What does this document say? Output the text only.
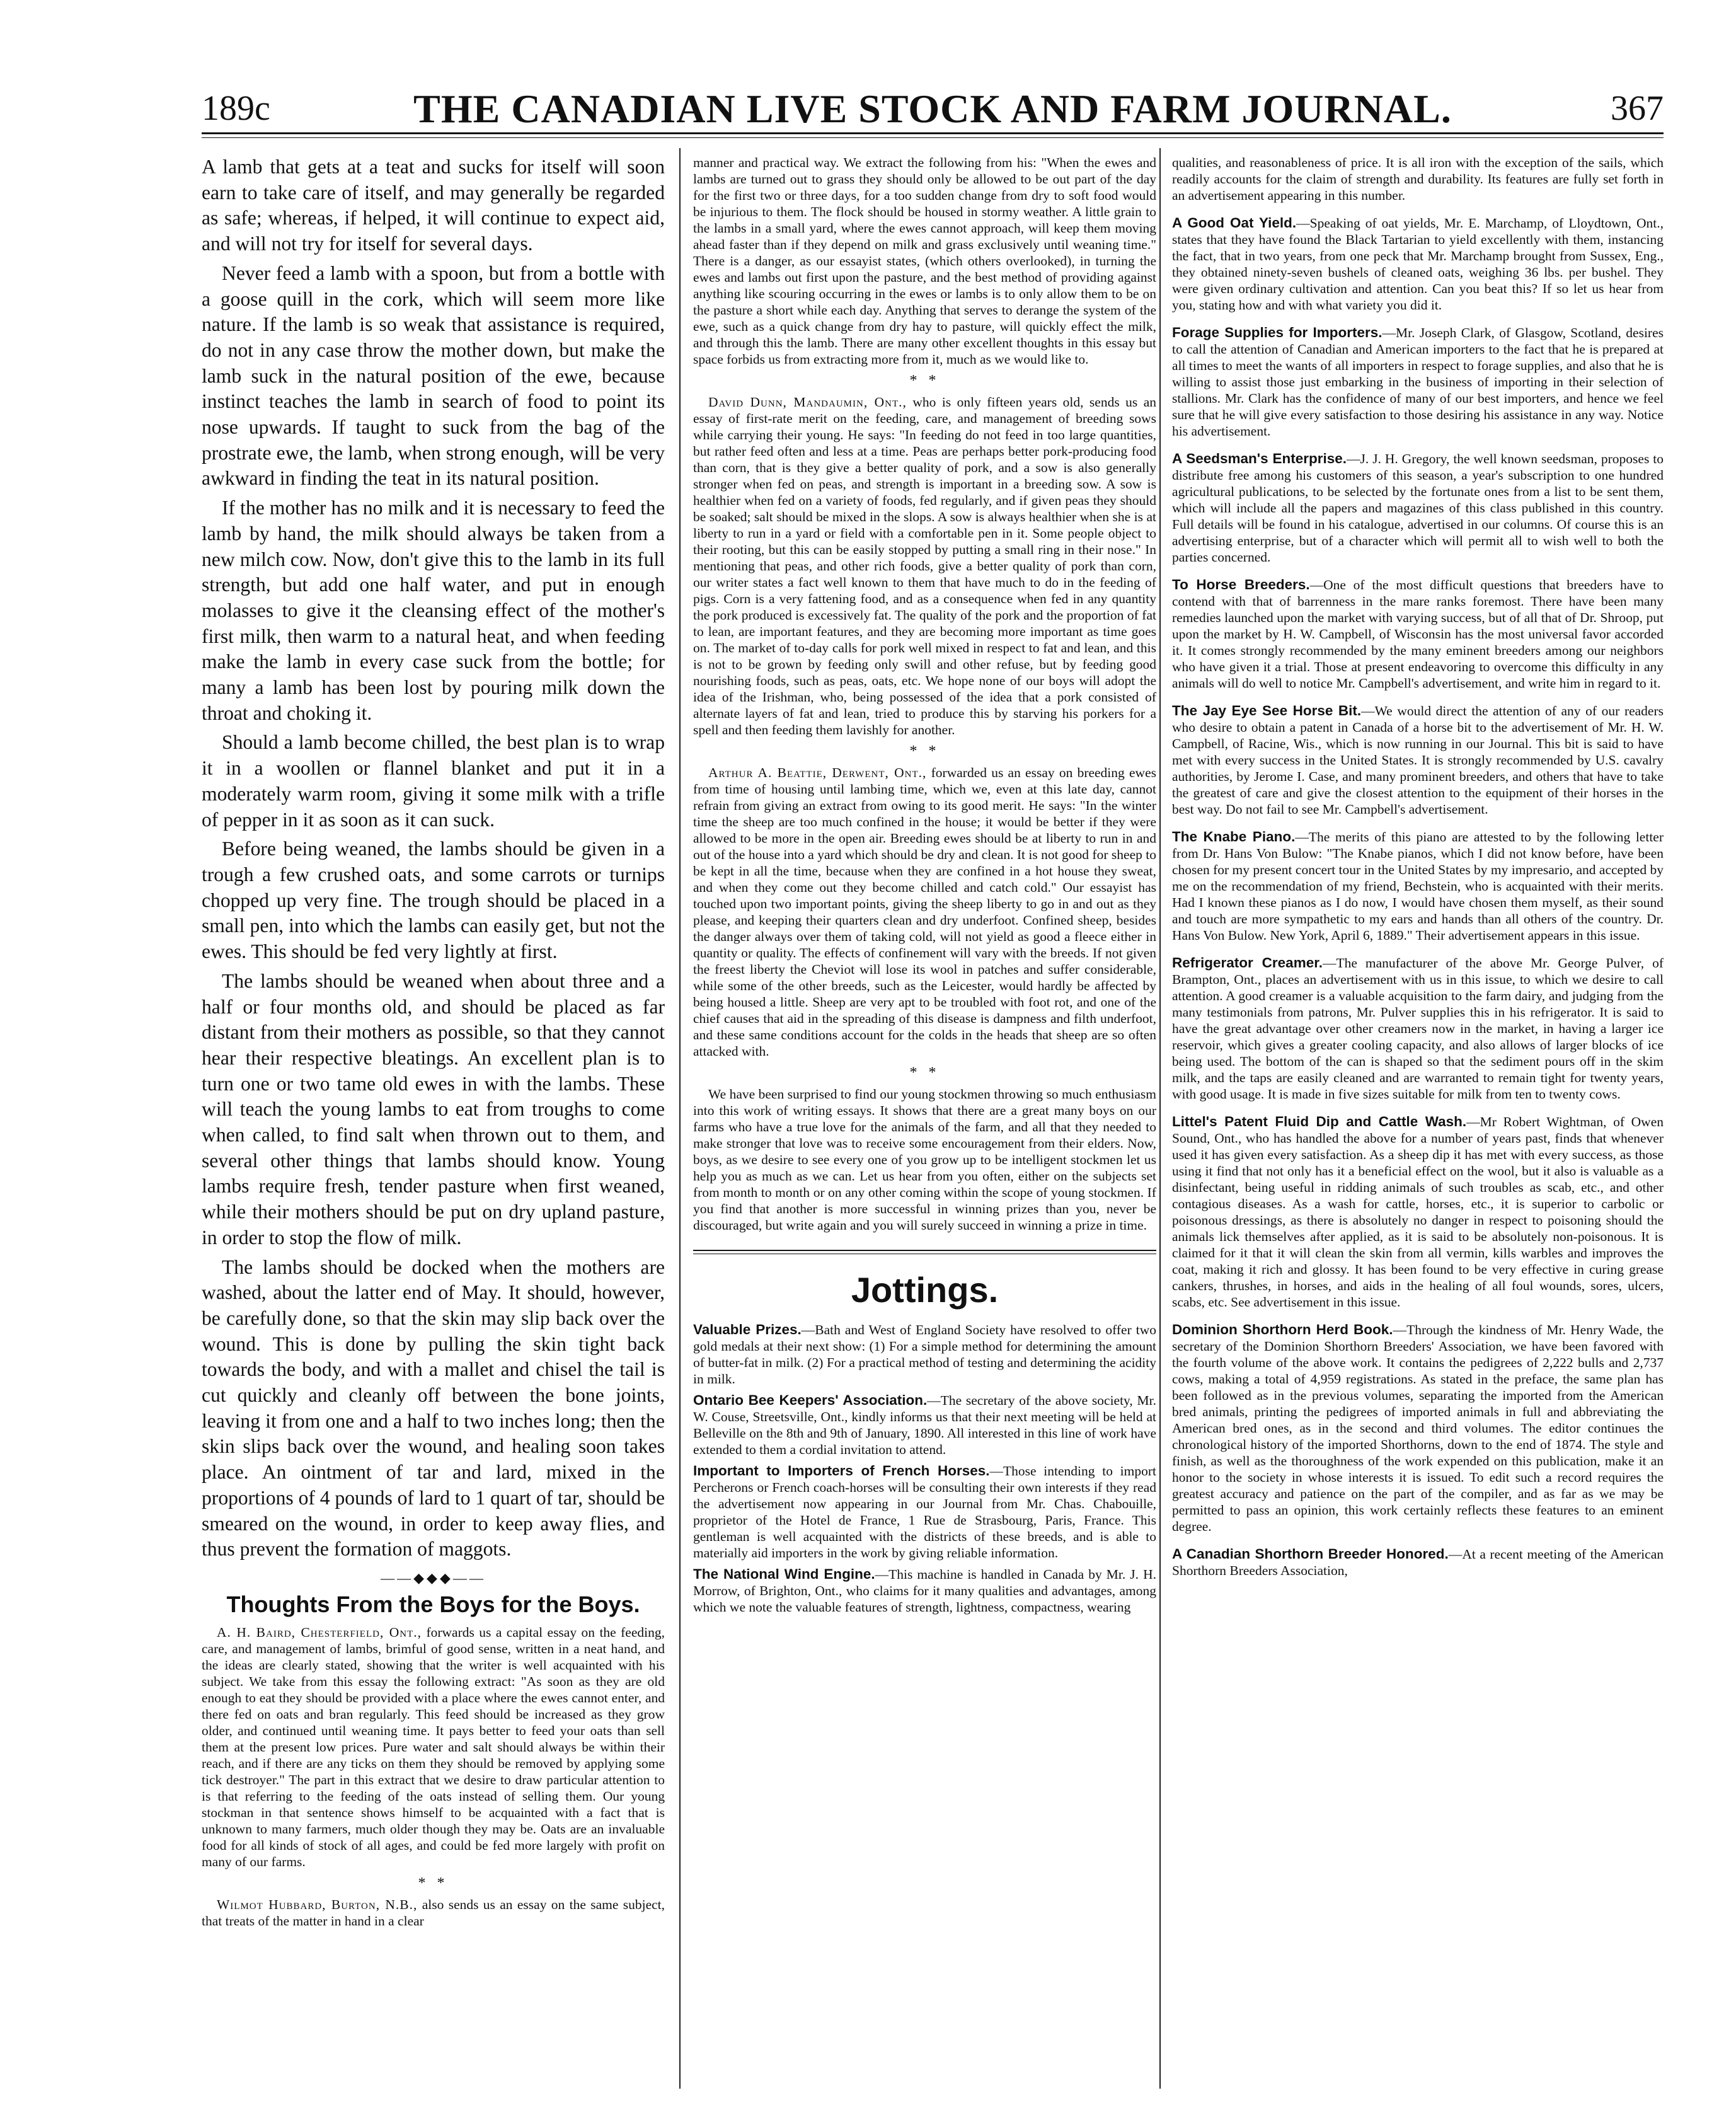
189c	THE CANADIAN LIVE STOCK AND FARM JOURNAL.	367

A lamb that gets at a teat and sucks for itself will soon earn to take care of itself, and may generally be regarded as safe; whereas, if helped, it will continue to expect aid, and will not try for itself for several days.

Never feed a lamb with a spoon, but from a bottle with a goose quill in the cork, which will seem more like nature. If the lamb is so weak that assistance is required, do not in any case throw the mother down, but make the lamb suck in the natural position of the ewe, because instinct teaches the lamb in search of food to point its nose upwards. If taught to suck from the bag of the prostrate ewe, the lamb, when strong enough, will be very awkward in finding the teat in its natural position.

If the mother has no milk and it is necessary to feed the lamb by hand, the milk should always be taken from a new milch cow. Now, don't give this to the lamb in its full strength, but add one half water, and put in enough molasses to give it the cleansing effect of the mother's first milk, then warm to a natural heat, and when feeding make the lamb in every case suck from the bottle; for many a lamb has been lost by pouring milk down the throat and choking it.

Should a lamb become chilled, the best plan is to wrap it in a woollen or flannel blanket and put it in a moderately warm room, giving it some milk with a trifle of pepper in it as soon as it can suck.

Before being weaned, the lambs should be given in a trough a few crushed oats, and some carrots or turnips chopped up very fine. The trough should be placed in a small pen, into which the lambs can easily get, but not the ewes. This should be fed very lightly at first.

The lambs should be weaned when about three and a half or four months old, and should be placed as far distant from their mothers as possible, so that they cannot hear their respective bleatings. An excellent plan is to turn one or two tame old ewes in with the lambs. These will teach the young lambs to eat from troughs to come when called, to find salt when thrown out to them, and several other things that lambs should know. Young lambs require fresh, tender pasture when first weaned, while their mothers should be put on dry upland pasture, in order to stop the flow of milk.

The lambs should be docked when the mothers are washed, about the latter end of May. It should, however, be carefully done, so that the skin may slip back over the wound. This is done by pulling the skin tight back towards the body, and with a mallet and chisel the tail is cut quickly and cleanly off between the bone joints, leaving it from one and a half to two inches long; then the skin slips back over the wound, and healing soon takes place. An ointment of tar and lard, mixed in the proportions of 4 pounds of lard to 1 quart of tar, should be smeared on the wound, in order to keep away flies, and thus prevent the formation of maggots.

——◆◆◆——
Thoughts From the Boys for the Boys.

A. H. Baird, Chesterfield, Ont., forwards us a capital essay on the feeding, care, and management of lambs, brimful of good sense, written in a neat hand, and the ideas are clearly stated, showing that the writer is well acquainted with his subject. We take from this essay the following extract: "As soon as they are old enough to eat they should be provided with a place where the ewes cannot enter, and there fed on oats and bran regularly. This feed should be increased as they grow older, and continued until weaning time. It pays better to feed your oats than sell them at the present low prices. Pure water and salt should always be within their reach, and if there are any ticks on them they should be removed by applying some tick destroyer." The part in this extract that we desire to draw particular attention to is that referring to the feeding of the oats instead of selling them. Our young stockman in that sentence shows himself to be acquainted with a fact that is unknown to many farmers, much older though they may be. Oats are an invaluable food for all kinds of stock of all ages, and could be fed more largely with profit on many of our farms.

* *

Wilmot Hubbard, Burton, N.B., also sends us an essay on the same subject, that treats of the matter in hand in a clear

manner and practical way. We extract the following from his: "When the ewes and lambs are turned out to grass they should only be allowed to be out part of the day for the first two or three days, for a too sudden change from dry to soft food would be injurious to them. The flock should be housed in stormy weather. A little grain to the lambs in a small yard, where the ewes cannot approach, will keep them moving ahead faster than if they depend on milk and grass exclusively until weaning time." There is a danger, as our essayist states, (which others overlooked), in turning the ewes and lambs out first upon the pasture, and the best method of providing against anything like scouring occurring in the ewes or lambs is to only allow them to be on the pasture a short while each day. Anything that serves to derange the system of the ewe, such as a quick change from dry hay to pasture, will quickly effect the milk, and through this the lamb. There are many other excellent thoughts in this essay but space forbids us from extracting more from it, much as we would like to.

* *

David Dunn, Mandaumin, Ont., who is only fifteen years old, sends us an essay of first-rate merit on the feeding, care, and management of breeding sows while carrying their young. He says: "In feeding do not feed in too large quantities, but rather feed often and less at a time. Peas are perhaps better pork-producing food than corn, that is they give a better quality of pork, and a sow is also generally stronger when fed on peas, and strength is important in a breeding sow. A sow is healthier when fed on a variety of foods, fed regularly, and if given peas they should be soaked; salt should be mixed in the slops. A sow is always healthier when she is at liberty to run in a yard or field with a comfortable pen in it. Some people object to their rooting, but this can be easily stopped by putting a small ring in their nose." In mentioning that peas, and other rich foods, give a better quality of pork than corn, our writer states a fact well known to them that have much to do in the feeding of pigs. Corn is a very fattening food, and as a consequence when fed in any quantity the pork produced is excessively fat. The quality of the pork and the proportion of fat to lean, are important features, and they are becoming more important as time goes on. The market of to-day calls for pork well mixed in respect to fat and lean, and this is not to be grown by feeding only swill and other refuse, but by feeding good nourishing foods, such as peas, oats, etc. We hope none of our boys will adopt the idea of the Irishman, who, being possessed of the idea that a pork consisted of alternate layers of fat and lean, tried to produce this by starving his porkers for a spell and then feeding them lavishly for another.

* *

Arthur A. Beattie, Derwent, Ont., forwarded us an essay on breeding ewes from time of housing until lambing time, which we, even at this late day, cannot refrain from giving an extract from owing to its good merit. He says: "In the winter time the sheep are too much confined in the house; it would be better if they were allowed to be more in the open air. Breeding ewes should be at liberty to run in and out of the house into a yard which should be dry and clean. It is not good for sheep to be kept in all the time, because when they are confined in a hot house they sweat, and when they come out they become chilled and catch cold." Our essayist has touched upon two important points, giving the sheep liberty to go in and out as they please, and keeping their quarters clean and dry underfoot. Confined sheep, besides the danger always over them of taking cold, will not yield as good a fleece either in quantity or quality. The effects of confinement will vary with the breeds. If not given the freest liberty the Cheviot will lose its wool in patches and suffer considerable, while some of the other breeds, such as the Leicester, would hardly be affected by being housed a little. Sheep are very apt to be troubled with foot rot, and one of the chief causes that aid in the spreading of this disease is dampness and filth underfoot, and these same conditions account for the colds in the heads that sheep are so often attacked with.

* *

We have been surprised to find our young stockmen throwing so much enthusiasm into this work of writing essays. It shows that there are a great many boys on our farms who have a true love for the animals of the farm, and all that they needed to make stronger that love was to receive some encouragement from their elders. Now, boys, as we desire to see every one of you grow up to be intelligent stockmen let us help you as much as we can. Let us hear from you often, either on the subjects set from month to month or on any other coming within the scope of young stockmen. If you find that another is more successful in winning prizes than you, never be discouraged, but write again and you will surely succeed in winning a prize in time.

Jottings.

Valuable Prizes.—Bath and West of England Society have resolved to offer two gold medals at their next show: (1) For a simple method for determining the amount of butter-fat in milk. (2) For a practical method of testing and determining the acidity in milk.

Ontario Bee Keepers' Association.—The secretary of the above society, Mr. W. Couse, Streetsville, Ont., kindly informs us that their next meeting will be held at Belleville on the 8th and 9th of January, 1890. All interested in this line of work have extended to them a cordial invitation to attend.

Important to Importers of French Horses.—Those intending to import Percherons or French coach-horses will be consulting their own interests if they read the advertisement now appearing in our Journal from Mr. Chas. Chabouille, proprietor of the Hotel de France, 1 Rue de Strasbourg, Paris, France. This gentleman is well acquainted with the districts of these breeds, and is able to materially aid importers in the work by giving reliable information.

The National Wind Engine.—This machine is handled in Canada by Mr. J. H. Morrow, of Brighton, Ont., who claims for it many qualities and advantages, among which we note the valuable features of strength, lightness, compactness, wearing

qualities, and reasonableness of price. It is all iron with the exception of the sails, which readily accounts for the claim of strength and durability. Its features are fully set forth in an advertisement appearing in this number.

A Good Oat Yield.—Speaking of oat yields, Mr. E. Marchamp, of Lloydtown, Ont., states that they have found the Black Tartarian to yield excellently with them, instancing the fact, that in two years, from one peck that Mr. Marchamp brought from Sussex, Eng., they obtained ninety-seven bushels of cleaned oats, weighing 36 lbs. per bushel. They were given ordinary cultivation and attention. Can you beat this? If so let us hear from you, stating how and with what variety you did it.

Forage Supplies for Importers.—Mr. Joseph Clark, of Glasgow, Scotland, desires to call the attention of Canadian and American importers to the fact that he is prepared at all times to meet the wants of all importers in respect to forage supplies, and also that he is willing to assist those just embarking in the business of importing in their selection of stallions. Mr. Clark has the confidence of many of our best importers, and hence we feel sure that he will give every satisfaction to those desiring his assistance in any way. Notice his advertisement.

A Seedsman's Enterprise.—J. J. H. Gregory, the well known seedsman, proposes to distribute free among his customers of this season, a year's subscription to one hundred agricultural publications, to be selected by the fortunate ones from a list to be sent them, which will include all the papers and magazines of this class published in this country. Full details will be found in his catalogue, advertised in our columns. Of course this is an advertising enterprise, but of a character which will permit all to wish well to both the parties concerned.

To Horse Breeders.—One of the most difficult questions that breeders have to contend with that of barrenness in the mare ranks foremost. There have been many remedies launched upon the market with varying success, but of all that of Dr. Shroop, put upon the market by H. W. Campbell, of Wisconsin has the most universal favor accorded it. It comes strongly recommended by the many eminent breeders among our neighbors who have given it a trial. Those at present endeavoring to overcome this difficulty in any animals will do well to notice Mr. Campbell's advertisement, and write him in regard to it.

The Jay Eye See Horse Bit.—We would direct the attention of any of our readers who desire to obtain a patent in Canada of a horse bit to the advertisement of Mr. H. W. Campbell, of Racine, Wis., which is now running in our Journal. This bit is said to have met with every success in the United States. It is strongly recommended by U.S. cavalry authorities, by Jerome I. Case, and many prominent breeders, and others that have to take the greatest of care and give the closest attention to the equipment of their horses in the best way. Do not fail to see Mr. Campbell's advertisement.

The Knabe Piano.—The merits of this piano are attested to by the following letter from Dr. Hans Von Bulow: "The Knabe pianos, which I did not know before, have been chosen for my present concert tour in the United States by my impresario, and accepted by me on the recommendation of my friend, Bechstein, who is acquainted with their merits. Had I known these pianos as I do now, I would have chosen them myself, as their sound and touch are more sympathetic to my ears and hands than all others of the country. Dr. Hans Von Bulow. New York, April 6, 1889." Their advertisement appears in this issue.

Refrigerator Creamer.—The manufacturer of the above Mr. George Pulver, of Brampton, Ont., places an advertisement with us in this issue, to which we desire to call attention. A good creamer is a valuable acquisition to the farm dairy, and judging from the many testimonials from patrons, Mr. Pulver supplies this in his refrigerator. It is said to have the great advantage over other creamers now in the market, in having a larger ice reservoir, which gives a greater cooling capacity, and also allows of larger blocks of ice being used. The bottom of the can is shaped so that the sediment pours off in the skim milk, and the taps are easily cleaned and are warranted to remain tight for twenty years, with good usage. It is made in five sizes suitable for milk from ten to twenty cows.

Littel's Patent Fluid Dip and Cattle Wash.—Mr Robert Wightman, of Owen Sound, Ont., who has handled the above for a number of years past, finds that whenever used it has given every satisfaction. As a sheep dip it has met with every success, as those using it find that not only has it a beneficial effect on the wool, but it also is valuable as a disinfectant, being useful in ridding animals of such troubles as scab, etc., and other contagious diseases. As a wash for cattle, horses, etc., it is superior to carbolic or poisonous dressings, as there is absolutely no danger in respect to poisoning should the animals lick themselves after applied, as it is said to be absolutely non-poisonous. It is claimed for it that it will clean the skin from all vermin, kills warbles and improves the coat, making it rich and glossy. It has been found to be very effective in curing grease cankers, thrushes, in horses, and aids in the healing of all foul wounds, sores, ulcers, scabs, etc. See advertisement in this issue.

Dominion Shorthorn Herd Book.—Through the kindness of Mr. Henry Wade, the secretary of the Dominion Shorthorn Breeders' Association, we have been favored with the fourth volume of the above work. It contains the pedigrees of 2,222 bulls and 2,737 cows, making a total of 4,959 registrations. As stated in the preface, the same plan has been followed as in the previous volumes, separating the imported from the American bred animals, printing the pedigrees of imported animals in full and abbreviating the American bred ones, as in the second and third volumes. The editor continues the chronological history of the imported Shorthorns, down to the end of 1874. The style and finish, as well as the thoroughness of the work expended on this publication, make it an honor to the society in whose interests it is issued. To edit such a record requires the greatest accuracy and patience on the part of the compiler, and as far as we may be permitted to pass an opinion, this work certainly reflects these features to an eminent degree.

A Canadian Shorthorn Breeder Honored.—At a recent meeting of the American Shorthorn Breeders Association,
